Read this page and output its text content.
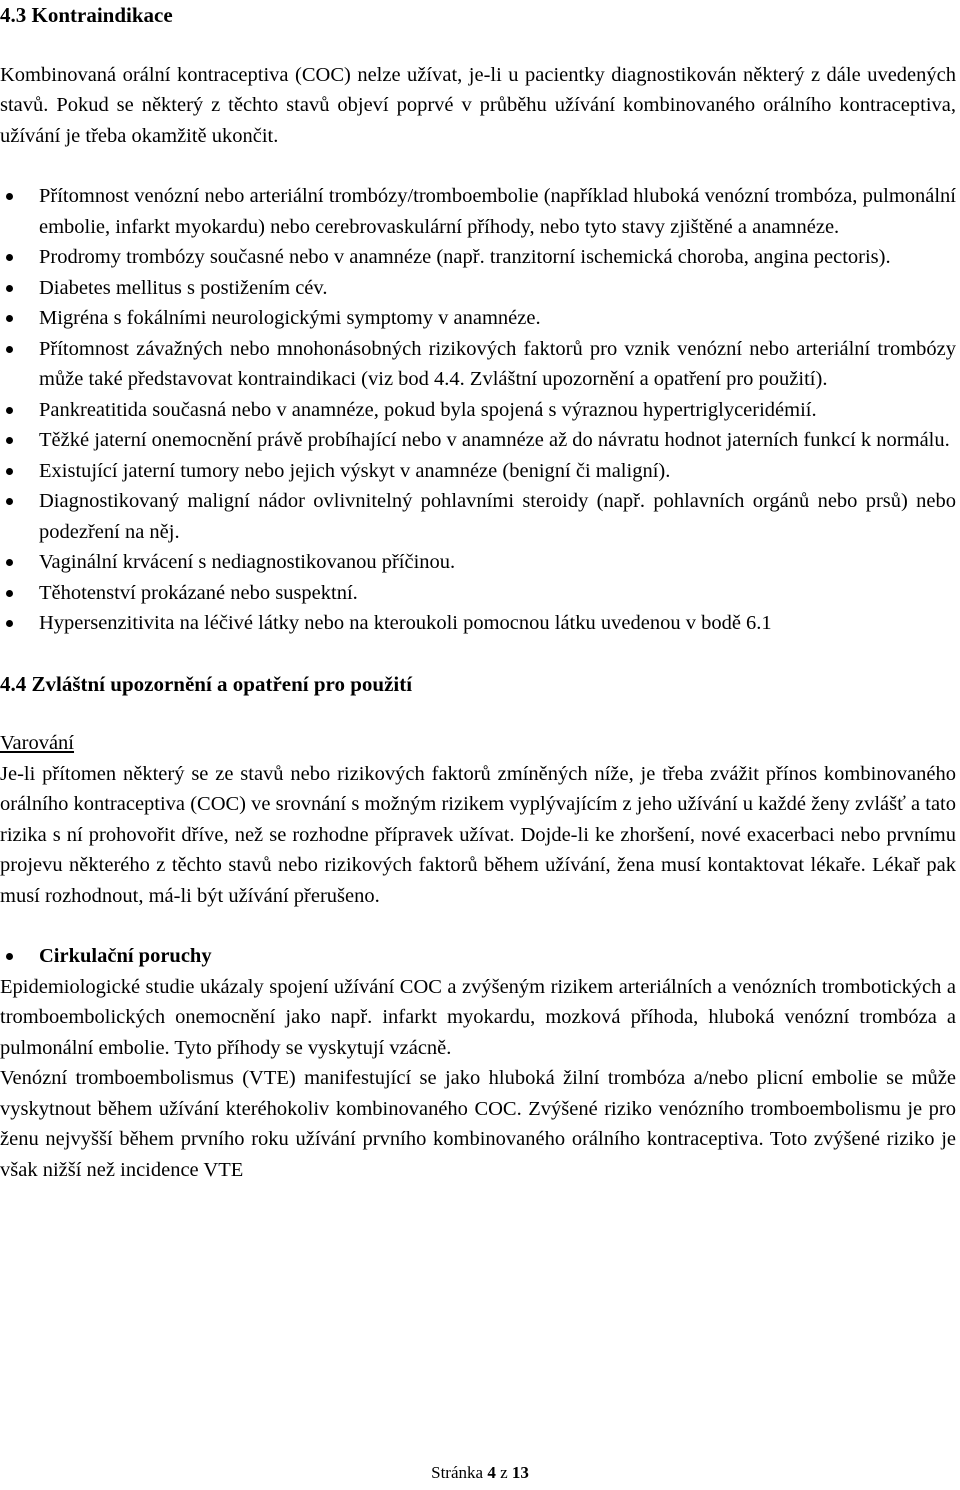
4.3 Kontraindikace

Kombinovaná orální kontraceptiva (COC) nelze užívat, je-li u pacientky diagnostikován některý z dále uvedených stavů. Pokud se některý z těchto stavů objeví poprvé v průběhu užívání kombinovaného orálního kontraceptiva, užívání je třeba okamžitě ukončit.

Přítomnost venózní nebo arteriální trombózy/tromboembolie (například hluboká venózní trombóza, pulmonální embolie, infarkt myokardu) nebo cerebrovaskulární příhody, nebo tyto stavy zjištěné a anamnéze.
Prodromy trombózy současné nebo v anamnéze (např. tranzitorní ischemická choroba, angina pectoris).
Diabetes mellitus s postižením cév.
Migréna s fokálními neurologickými symptomy v anamnéze.
Přítomnost závažných nebo mnohonásobných rizikových faktorů pro vznik venózní nebo arteriální trombózy může také představovat kontraindikaci (viz bod 4.4. Zvláštní upozornění a opatření pro použití).
Pankreatitida současná nebo v anamnéze, pokud byla spojená s výraznou hypertriglyceridémií.
Těžké jaterní onemocnění právě probíhající nebo v anamnéze až do návratu hodnot jaterních funkcí k normálu.
Existující jaterní tumory nebo jejich výskyt v anamnéze (benigní či maligní).
Diagnostikovaný maligní nádor ovlivnitelný pohlavními steroidy (např. pohlavních orgánů nebo prsů) nebo podezření na něj.
Vaginální krvácení s nediagnostikovanou příčinou.
Těhotenství prokázané nebo suspektní.
Hypersenzitivita na léčivé látky nebo na kteroukoli pomocnou látku uvedenou v bodě 6.1
4.4 Zvláštní upozornění a opatření pro použití

Varování

Je-li přítomen některý se ze stavů nebo rizikových faktorů zmíněných níže, je třeba zvážit přínos kombinovaného orálního kontraceptiva (COC) ve srovnání s možným rizikem vyplývajícím z jeho užívání u každé ženy zvlášť a tato rizika s ní prohovořit dříve, než se rozhodne přípravek užívat. Dojde-li ke zhoršení, nové exacerbaci nebo prvnímu projevu některého z těchto stavů nebo rizikových faktorů během užívání, žena musí kontaktovat lékaře. Lékař pak musí rozhodnout, má-li být užívání přerušeno.

Cirkulační poruchy

Epidemiologické studie ukázaly spojení užívání COC a zvýšeným rizikem arteriálních a venózních trombotických a tromboembolických onemocnění jako např. infarkt myokardu, mozková příhoda, hluboká venózní trombóza a pulmonální embolie. Tyto příhody se vyskytují vzácně.

Venózní tromboembolismus (VTE) manifestující se jako hluboká žilní trombóza a/nebo plicní embolie se může vyskytnout během užívání kteréhokoliv kombinovaného COC. Zvýšené riziko venózního tromboembolismu je pro ženu nejvyšší během prvního roku užívání prvního kombinovaného orálního kontraceptiva. Toto zvýšené riziko je však nižší než incidence VTE

Stránka 4 z 13
